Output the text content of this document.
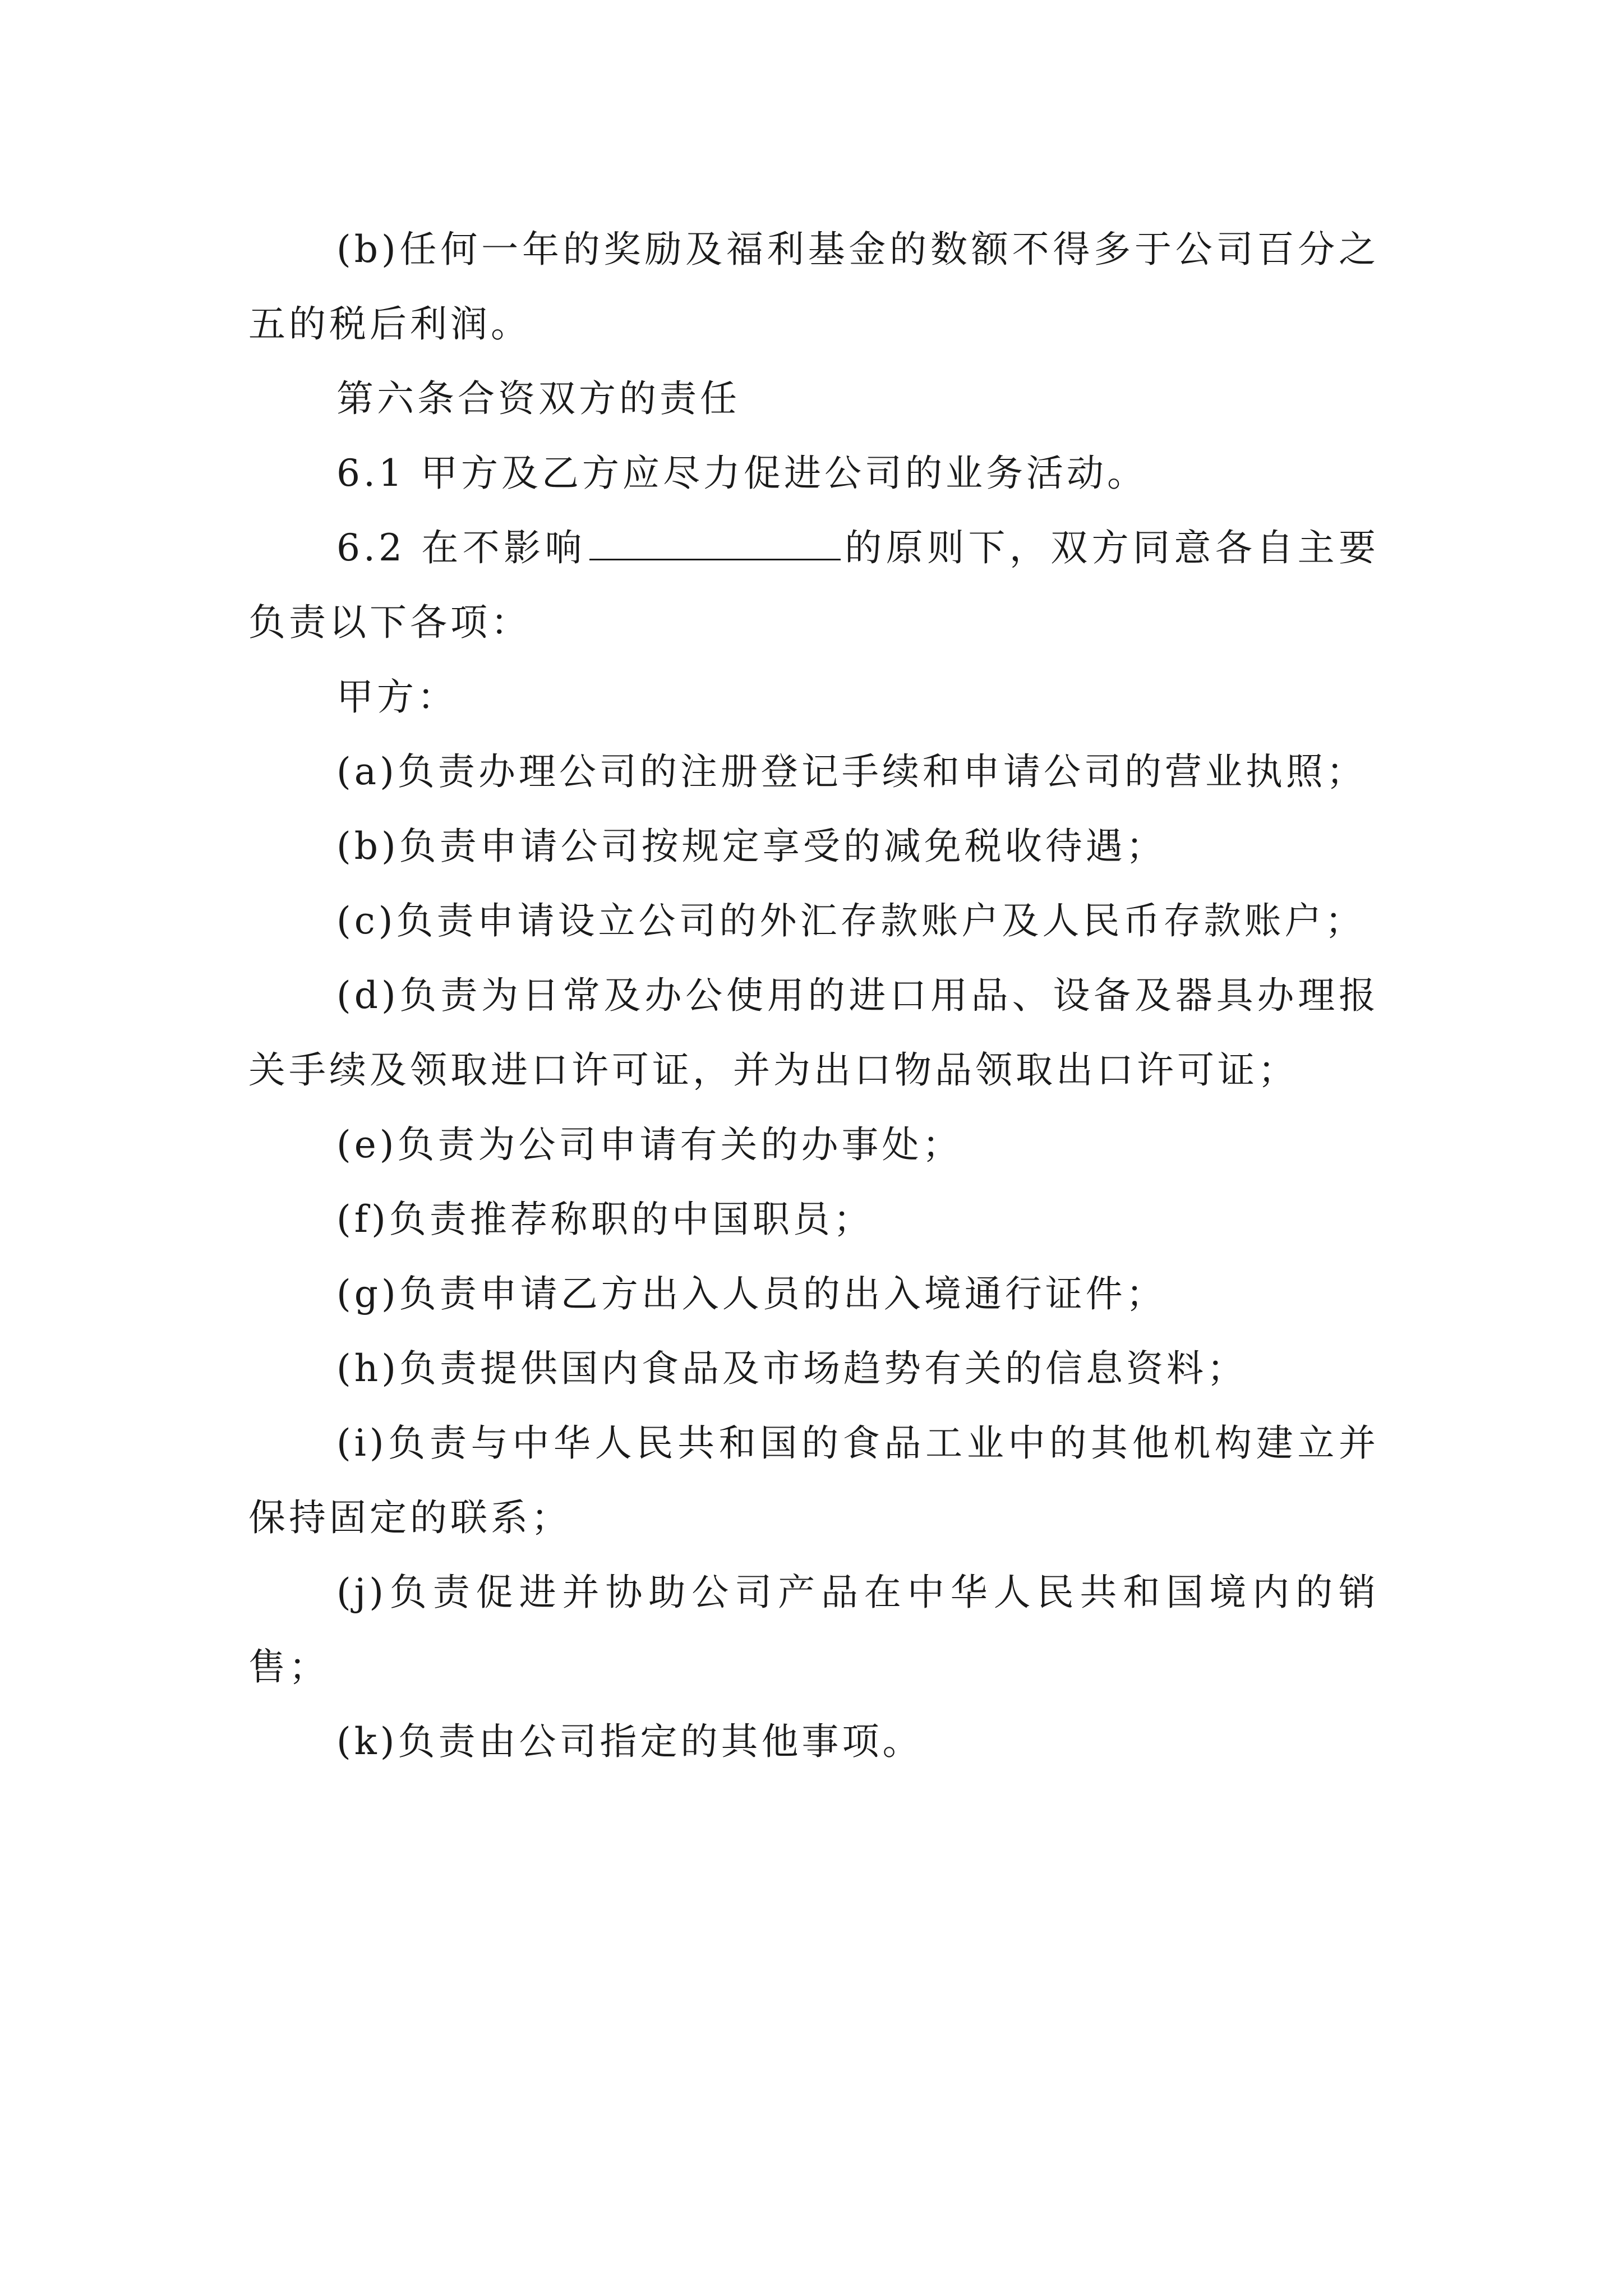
(b)任何一年的奖励及福利基金的数额不得多于公司百分之五的税后利润。

第六条合资双方的责任

6.1 甲方及乙方应尽力促进公司的业务活动。

6.2 在不影响	的原则下，双方同意各自主要负责以下各项：

甲方：

(a)负责办理公司的注册登记手续和申请公司的营业执照；

(b)负责申请公司按规定享受的减免税收待遇；

(c)负责申请设立公司的外汇存款账户及人民币存款账户；

(d)负责为日常及办公使用的进口用品、设备及器具办理报关手续及领取进口许可证，并为出口物品领取出口许可证；

(e)负责为公司申请有关的办事处；

(f)负责推荐称职的中国职员；

(g)负责申请乙方出入人员的出入境通行证件；

(h)负责提供国内食品及市场趋势有关的信息资料；

(i)负责与中华人民共和国的食品工业中的其他机构建立并保持固定的联系；

(j)负责促进并协助公司产品在中华人民共和国境内的销售；

(k)负责由公司指定的其他事项。
